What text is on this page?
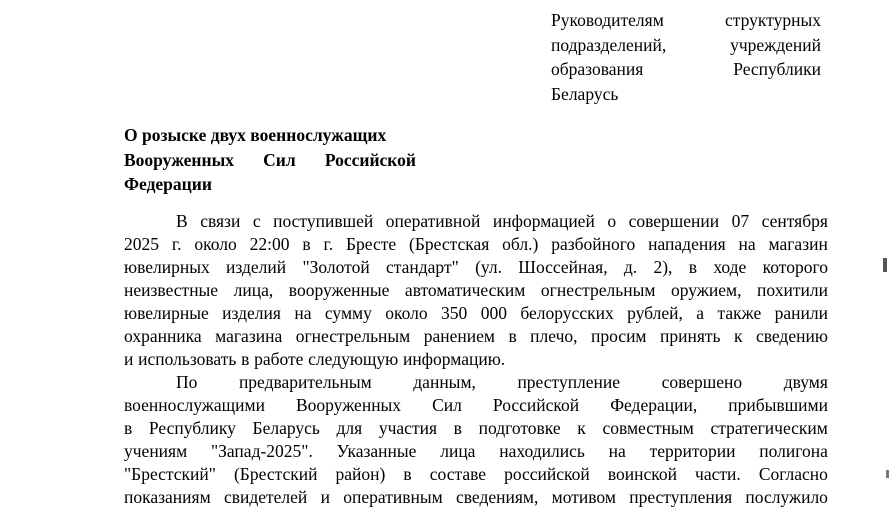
Руководителям	структурных
подразделений,	учреждений
образования	Республики
Беларусь
О розыске двух военнослужащих
Вооруженных Сил Российской
Федерации
В связи с поступившей оперативной информацией о совершении 07 сентября
2025 г. около 22:00 в г. Бресте (Брестская обл.) разбойного нападения на магазин
ювелирных изделий "Золотой стандарт" (ул. Шоссейная, д. 2), в ходе которого
неизвестные лица, вооруженные автоматическим огнестрельным оружием, похитили
ювелирные изделия на сумму около 350 000 белорусских рублей, а также ранили
охранника магазина огнестрельным ранением в плечо, просим принять к сведению
и использовать в работе следующую информацию.
По предварительным данным, преступление совершено двумя
военнослужащими Вооруженных Сил Российской Федерации, прибывшими
в Республику Беларусь для участия в подготовке к совместным стратегическим
учениям "Запад-2025". Указанные лица находились на территории полигона
"Брестский" (Брестский район) в составе российской воинской части. Согласно
показаниям свидетелей и оперативным сведениям, мотивом преступления послужило
